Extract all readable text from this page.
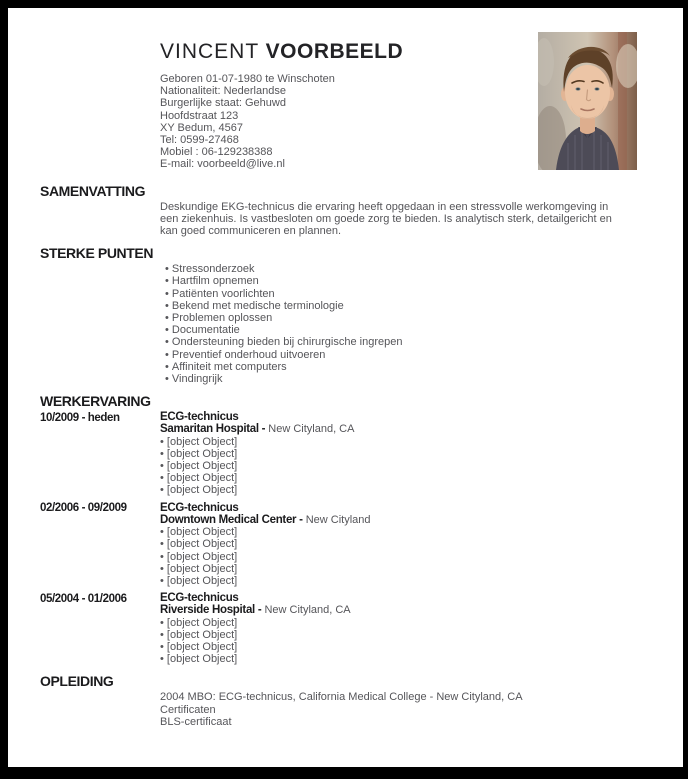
VINCENT VOORBEELD
Geboren 01-07-1980 te Winschoten
Nationaliteit: Nederlandse
Burgerlijke staat: Gehuwd
Hoofdstraat 123
XY Bedum, 4567
Tel: 0599-27468
Mobiel : 06-129238388
E-mail: voorbeeld@live.nl
SAMENVATTING
Deskundige EKG-technicus die ervaring heeft opgedaan in een stressvolle werkomgeving in een ziekenhuis. Is vastbesloten om goede zorg te bieden. Is analytisch sterk, detailgericht en kan goed communiceren en plannen.
STERKE PUNTEN
• Stressonderzoek
• Hartfilm opnemen
• Patiënten voorlichten
• Bekend met medische terminologie
• Problemen oplossen
• Documentatie
• Ondersteuning bieden bij chirurgische ingrepen
• Preventief onderhoud uitvoeren
• Affiniteit met computers
• Vindingrijk
WERKERVARING
10/2009 - heden	ECG-technicus
Samaritan Hospital - New Cityland, CA
• [object Object]
• [object Object]
• [object Object]
• [object Object]
• [object Object]
02/2006 - 09/2009	ECG-technicus
Downtown Medical Center - New Cityland
• [object Object]
• [object Object]
• [object Object]
• [object Object]
• [object Object]
05/2004 - 01/2006	ECG-technicus
Riverside Hospital - New Cityland, CA
• [object Object]
• [object Object]
• [object Object]
• [object Object]
OPLEIDING
2004 MBO: ECG-technicus, California Medical College - New Cityland, CA
Certificaten
BLS-certificaat
